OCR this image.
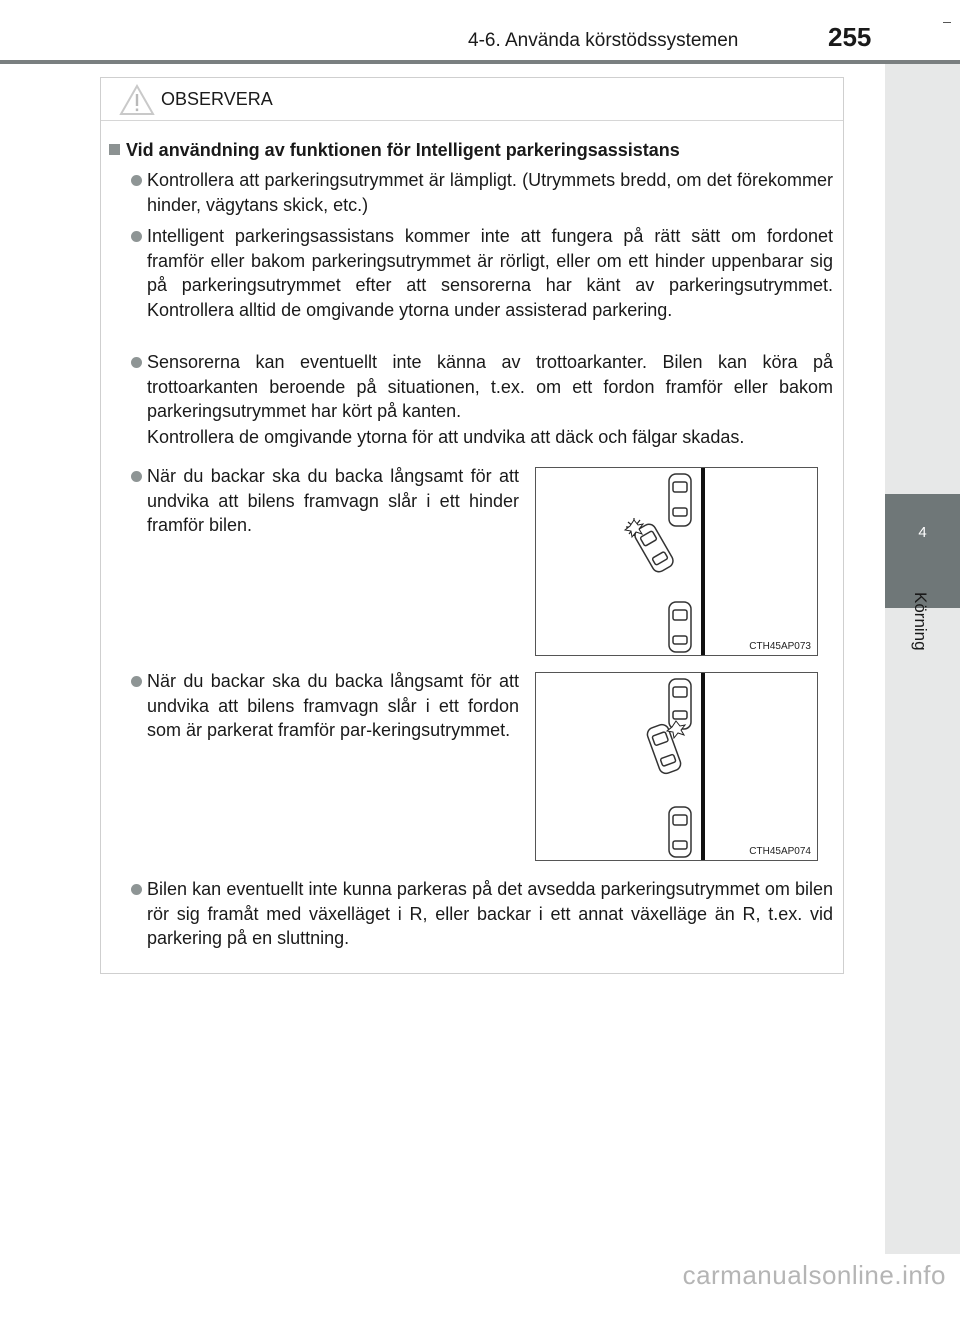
4-6. Använda körstödssystemen	255
4
Körning
OBSERVERA
Vid användning av funktionen för Intelligent parkeringsassistans
Kontrollera att parkeringsutrymmet är lämpligt. (Utrymmets bredd, om det förekommer hinder, vägytans skick, etc.)
Intelligent parkeringsassistans kommer inte att fungera på rätt sätt om fordonet framför eller bakom parkeringsutrymmet är rörligt, eller om ett hinder uppenbarar sig på parkeringsutrymmet efter att sensorerna har känt av parkeringsutrymmet. Kontrollera alltid de omgivande ytorna under assisterad parkering.
Sensorerna kan eventuellt inte känna av trottoarkanter. Bilen kan köra på trottoarkanten beroende på situationen, t.ex. om ett fordon framför eller bakom parkeringsutrymmet har kört på kanten.
Kontrollera de omgivande ytorna för att undvika att däck och fälgar skadas.
När du backar ska du backa långsamt för att undvika att bilens framvagn slår i ett hinder framför bilen.
CTH45AP073
När du backar ska du backa långsamt för att undvika att bilens framvagn slår i ett fordon som är parkerat framför par-keringsutrymmet.
CTH45AP074
Bilen kan eventuellt inte kunna parkeras på det avsedda parkeringsutrymmet om bilen rör sig framåt med växelläget i R, eller backar i ett annat växelläge än R, t.ex. vid parkering på en sluttning.
carmanualsonline.info
